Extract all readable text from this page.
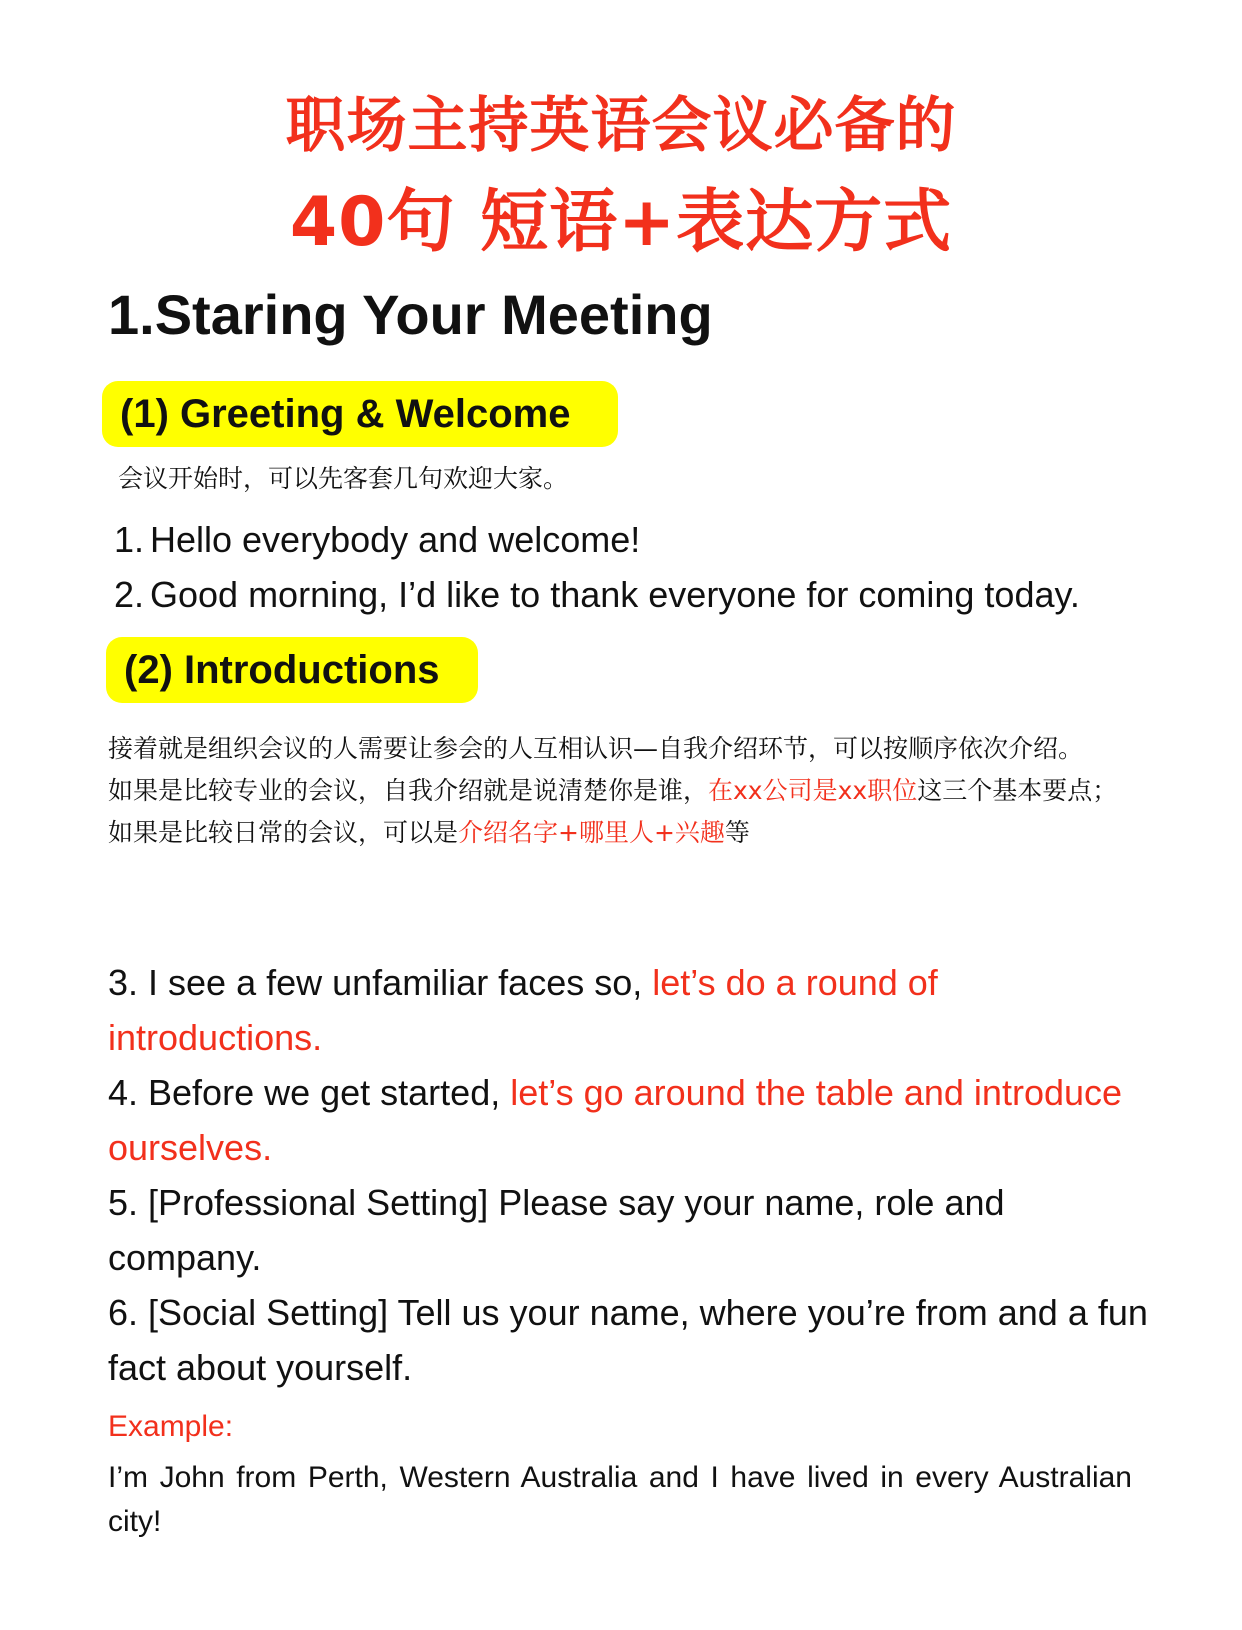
职场主持英语会议必备的
40句 短语+表达方式
1.Staring Your Meeting
(1) Greeting & Welcome
会议开始时，可以先客套几句欢迎大家。
1. Hello everybody and welcome!
2. Good morning, I’d like to thank everyone for coming today.
(2) Introductions
接着就是组织会议的人需要让参会的人互相认识—自我介绍环节，可以按顺序依次介绍。
如果是比较专业的会议，自我介绍就是说清楚你是谁，在xx公司是xx职位这三个基本要点；
如果是比较日常的会议，可以是介绍名字+哪里人+兴趣等
3. I see a few unfamiliar faces so, let’s do a round of introductions.
4. Before we get started, let’s go around the table and introduce ourselves.
5. [Professional Setting] Please say your name, role and company.
6. [Social Setting] Tell us your name, where you’re from and a fun fact about yourself.
Example:
I’m John from Perth, Western Australia and I have lived in every Australian city!
